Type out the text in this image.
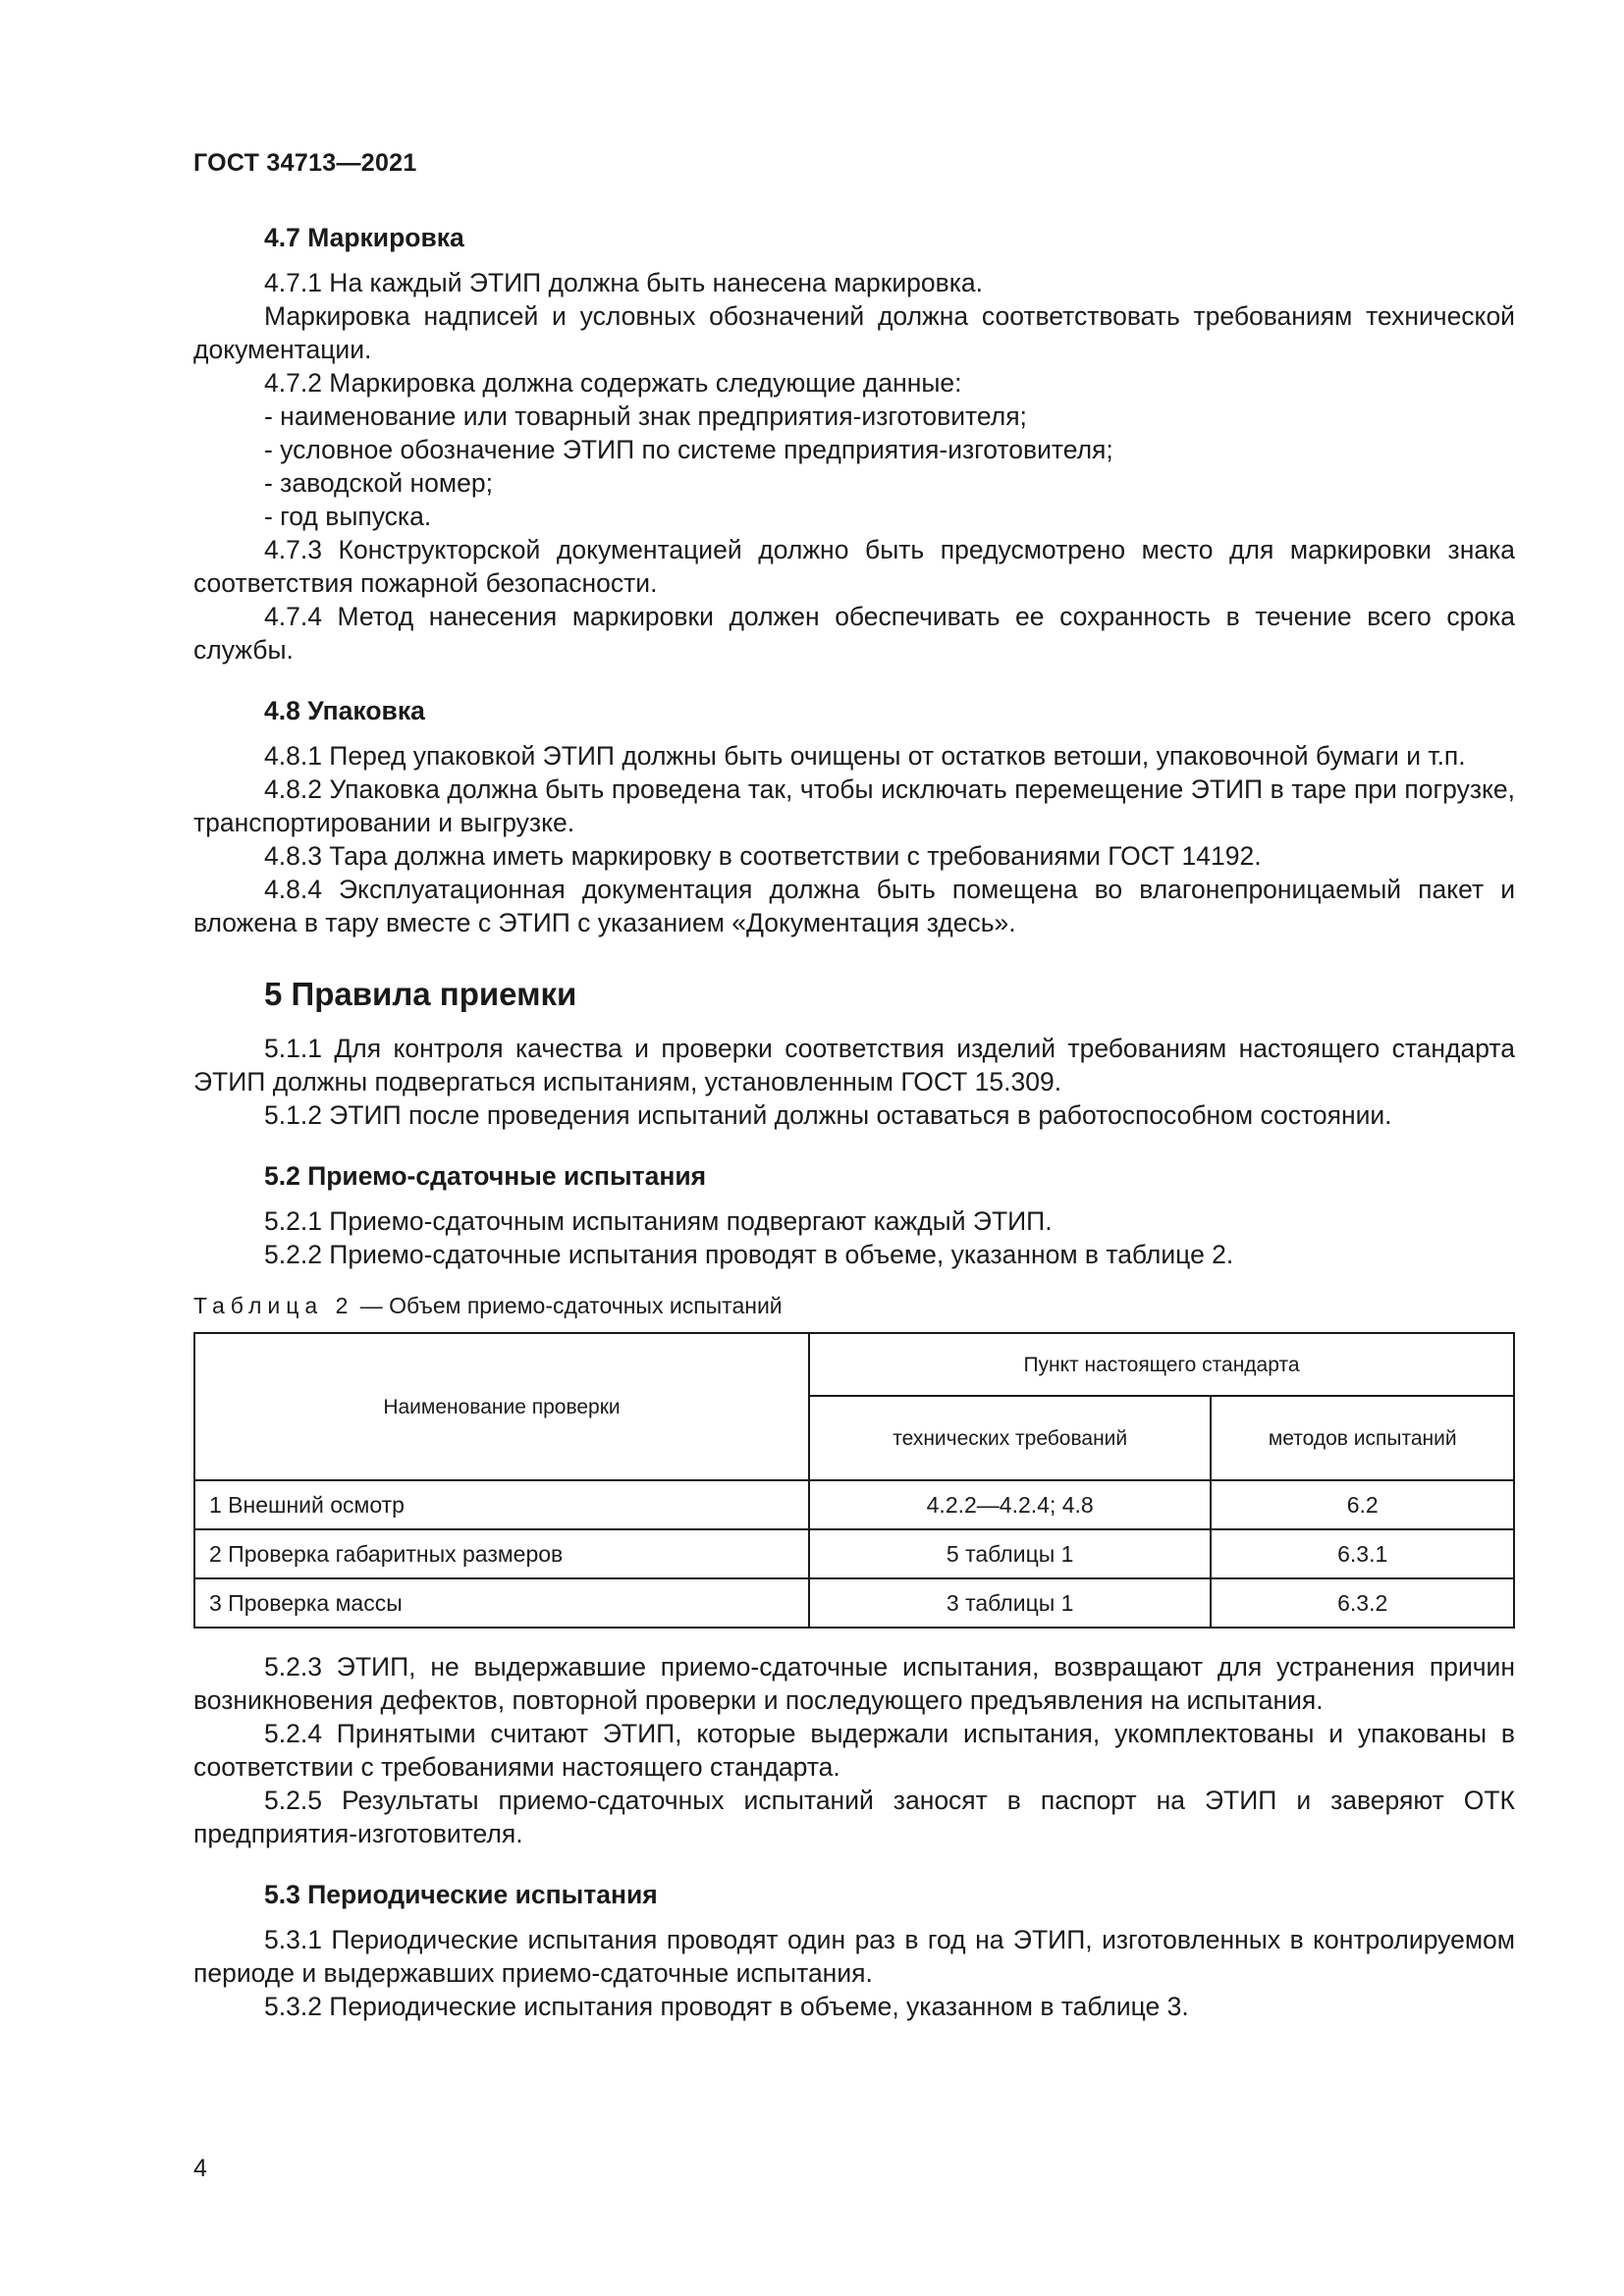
ГОСТ 34713—2021
4.7 Маркировка

4.7.1 На каждый ЭТИП должна быть нанесена маркировка.

Маркировка надписей и условных обозначений должна соответствовать требованиям технической документации.

4.7.2 Маркировка должна содержать следующие данные:

- наименование или товарный знак предприятия-изготовителя;

- условное обозначение ЭТИП по системе предприятия-изготовителя;

- заводской номер;

- год выпуска.

4.7.3 Конструкторской документацией должно быть предусмотрено место для маркировки знака соответствия пожарной безопасности.

4.7.4 Метод нанесения маркировки должен обеспечивать ее сохранность в течение всего срока службы.

4.8 Упаковка

4.8.1 Перед упаковкой ЭТИП должны быть очищены от остатков ветоши, упаковочной бумаги и т.п.

4.8.2 Упаковка должна быть проведена так, чтобы исключать перемещение ЭТИП в таре при погрузке, транспортировании и выгрузке.

4.8.3 Тара должна иметь маркировку в соответствии с требованиями ГОСТ 14192.

4.8.4 Эксплуатационная документация должна быть помещена во влагонепроницаемый пакет и вложена в тару вместе с ЭТИП с указанием «Документация здесь».

5 Правила приемки

5.1.1 Для контроля качества и проверки соответствия изделий требованиям настоящего стандарта ЭТИП должны подвергаться испытаниям, установленным ГОСТ 15.309.

5.1.2 ЭТИП после проведения испытаний должны оставаться в работоспособном состоянии.

5.2 Приемо-сдаточные испытания

5.2.1 Приемо-сдаточным испытаниям подвергают каждый ЭТИП.

5.2.2 Приемо-сдаточные испытания проводят в объеме, указанном в таблице 2.

Таблица 2 — Объем приемо-сдаточных испытаний
Наименование проверки	Пункт настоящего стандарта	
	технических требований	методов испытаний
1 Внешний осмотр	4.2.2—4.2.4; 4.8	6.2
2 Проверка габаритных размеров	5 таблицы 1	6.3.1
3 Проверка массы	3 таблицы 1	6.3.2

5.2.3 ЭТИП, не выдержавшие приемо-сдаточные испытания, возвращают для устранения причин возникновения дефектов, повторной проверки и последующего предъявления на испытания.

5.2.4 Принятыми считают ЭТИП, которые выдержали испытания, укомплектованы и упакованы в соответствии с требованиями настоящего стандарта.

5.2.5 Результаты приемо-сдаточных испытаний заносят в паспорт на ЭТИП и заверяют ОТК предприятия-изготовителя.

5.3 Периодические испытания

5.3.1 Периодические испытания проводят один раз в год на ЭТИП, изготовленных в контролируемом периоде и выдержавших приемо-сдаточные испытания.

5.3.2 Периодические испытания проводят в объеме, указанном в таблице 3.

4
